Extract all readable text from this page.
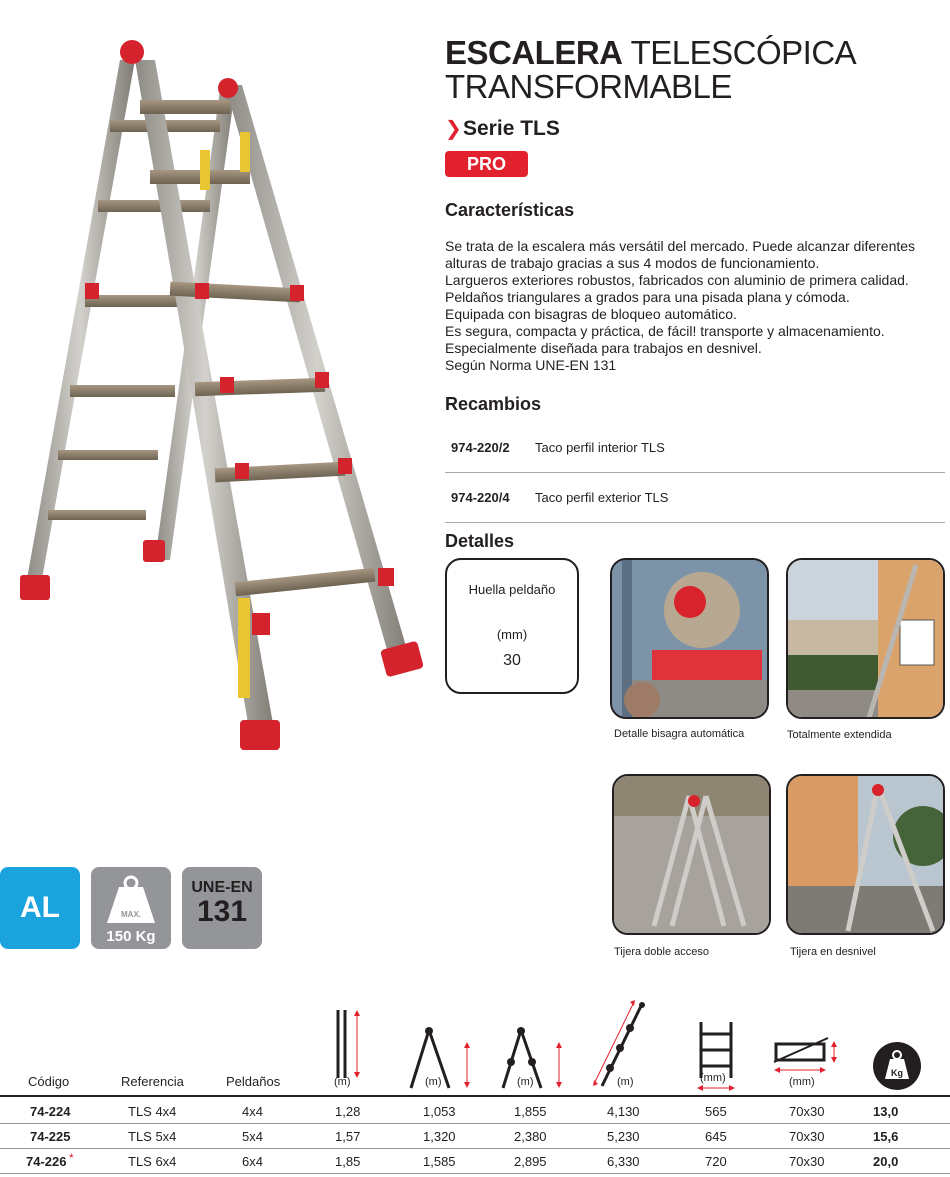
ESCALERA TELESCÓPICA
TRANSFORMABLE
❯ Serie TLS
PRO
Características
Se trata de la escalera más versátil del mercado. Puede alcanzar diferentes
alturas de trabajo gracias a sus 4 modos de funcionamiento.
Largueros exteriores robustos, fabricados con aluminio de primera calidad.
Peldaños triangulares a grados para una pisada plana y cómoda.
Equipada con bisagras de bloqueo automático.
Es segura, compacta y práctica, de fácil! transporte y almacenamiento.
Especialmente diseñada para trabajos en desnivel.
Según Norma UNE-EN 131
Recambios
974-220/2	Taco perfil interior TLS
974-220/4	Taco perfil exterior TLS
Detalles
Huella peldaño
(mm)
30
Detalle bisagra automática	Totalmente extendida
Tijera doble acceso	Tijera en desnivel
AL	MAX.
150 Kg
UNE-EN
131
Código	Referencia	Peldaños	(m)	(m)	(m)	(m)	(mm)	(mm)
Kg
74-224	TLS 4x4	4x4	1,28	1,053	1,855	4,130	565	70x30	13,0
74-225	TLS 5x4	5x4	1,57	1,320	2,380	5,230	645	70x30	15,6
74-226 *	TLS 6x4	6x4	1,85	1,585	2,895	6,330	720	70x30	20,0
